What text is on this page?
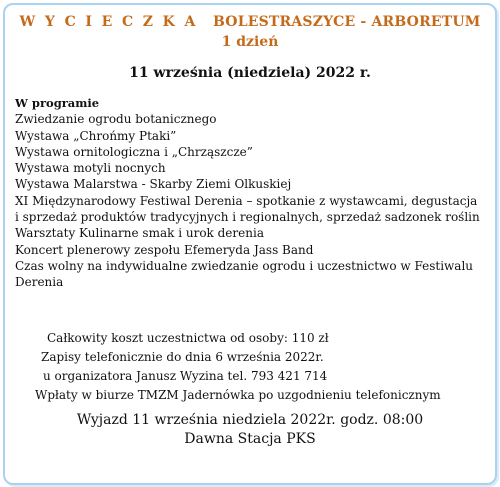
W Y C I E C Z K A BOLESTRASZYCE - ARBORETUM
1 dzień
11 września (niedziela) 2022 r.
W programie
Zwiedzanie ogrodu botanicznego
Wystawa „Chrońmy Ptaki”
Wystawa ornitologiczna i „Chrząszcze”
Wystawa motyli nocnych
Wystawa Malarstwa - Skarby Ziemi Olkuskiej
XI Międzynarodowy Festiwal Derenia – spotkanie z wystawcami, degustacja
i sprzedaż produktów tradycyjnych i regionalnych, sprzedaż sadzonek roślin
Warsztaty Kulinarne smak i urok derenia
Koncert plenerowy zespołu Efemeryda Jass Band
Czas wolny na indywidualne zwiedzanie ogrodu i uczestnictwo w Festiwalu
Derenia
Całkowity koszt uczestnictwa od osoby: 110 zł
Zapisy telefonicznie do dnia 6 września 2022r.
u organizatora Janusz Wyzina tel. 793 421 714
Wpłaty w biurze TMZM Jadernówka po uzgodnieniu telefonicznym
Wyjazd 11 września niedziela 2022r. godz. 08:00
Dawna Stacja PKS
